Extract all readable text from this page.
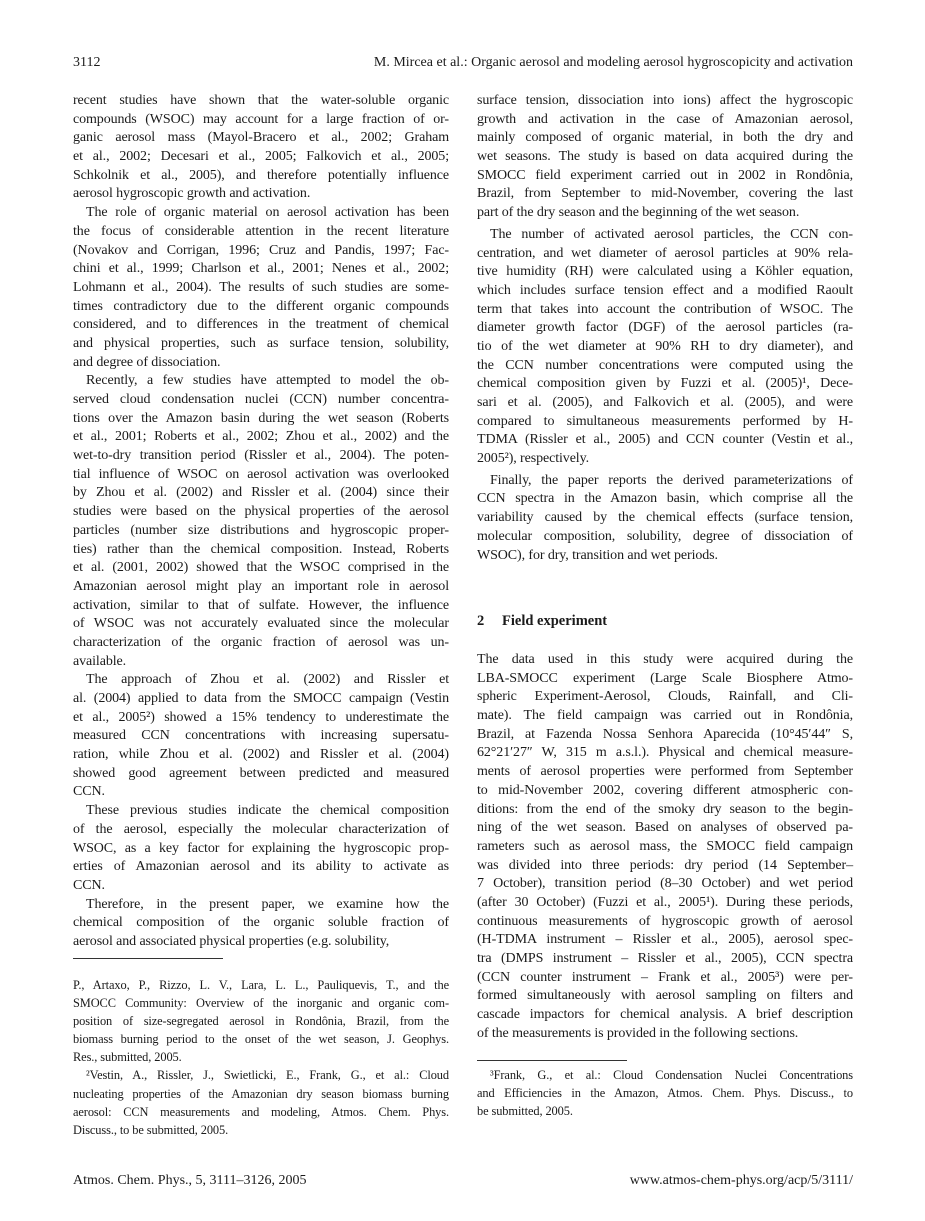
3112	M. Mircea et al.: Organic aerosol and modeling aerosol hygroscopicity and activation
recent studies have shown that the water-soluble organic
compounds (WSOC) may account for a large fraction of or-
ganic aerosol mass (Mayol-Bracero et al., 2002; Graham
et al., 2002; Decesari et al., 2005; Falkovich et al., 2005;
Schkolnik et al., 2005), and therefore potentially influence
aerosol hygroscopic growth and activation.
The role of organic material on aerosol activation has been
the focus of considerable attention in the recent literature
(Novakov and Corrigan, 1996; Cruz and Pandis, 1997; Fac-
chini et al., 1999; Charlson et al., 2001; Nenes et al., 2002;
Lohmann et al., 2004). The results of such studies are some-
times contradictory due to the different organic compounds
considered, and to differences in the treatment of chemical
and physical properties, such as surface tension, solubility,
and degree of dissociation.
Recently, a few studies have attempted to model the ob-
served cloud condensation nuclei (CCN) number concentra-
tions over the Amazon basin during the wet season (Roberts
et al., 2001; Roberts et al., 2002; Zhou et al., 2002) and the
wet-to-dry transition period (Rissler et al., 2004). The poten-
tial influence of WSOC on aerosol activation was overlooked
by Zhou et al. (2002) and Rissler et al. (2004) since their
studies were based on the physical properties of the aerosol
particles (number size distributions and hygroscopic proper-
ties) rather than the chemical composition. Instead, Roberts
et al. (2001, 2002) showed that the WSOC comprised in the
Amazonian aerosol might play an important role in aerosol
activation, similar to that of sulfate. However, the influence
of WSOC was not accurately evaluated since the molecular
characterization of the organic fraction of aerosol was un-
available.
The approach of Zhou et al. (2002) and Rissler et
al. (2004) applied to data from the SMOCC campaign (Vestin
et al., 2005²) showed a 15% tendency to underestimate the
measured CCN concentrations with increasing supersatu-
ration, while Zhou et al. (2002) and Rissler et al. (2004)
showed good agreement between predicted and measured
CCN.
These previous studies indicate the chemical composition
of the aerosol, especially the molecular characterization of
WSOC, as a key factor for explaining the hygroscopic prop-
erties of Amazonian aerosol and its ability to activate as
CCN.
Therefore, in the present paper, we examine how the
chemical composition of the organic soluble fraction of
aerosol and associated physical properties (e.g. solubility,
P., Artaxo, P., Rizzo, L. V., Lara, L. L., Pauliquevis, T., and the
SMOCC Community: Overview of the inorganic and organic com-
position of size-segregated aerosol in Rondônia, Brazil, from the
biomass burning period to the onset of the wet season, J. Geophys.
Res., submitted, 2005.
²Vestin, A., Rissler, J., Swietlicki, E., Frank, G., et al.: Cloud
nucleating properties of the Amazonian dry season biomass burning
aerosol: CCN measurements and modeling, Atmos. Chem. Phys.
Discuss., to be submitted, 2005.
surface tension, dissociation into ions) affect the hygroscopic
growth and activation in the case of Amazonian aerosol,
mainly composed of organic material, in both the dry and
wet seasons. The study is based on data acquired during the
SMOCC field experiment carried out in 2002 in Rondônia,
Brazil, from September to mid-November, covering the last
part of the dry season and the beginning of the wet season.
The number of activated aerosol particles, the CCN con-
centration, and wet diameter of aerosol particles at 90% rela-
tive humidity (RH) were calculated using a Köhler equation,
which includes surface tension effect and a modified Raoult
term that takes into account the contribution of WSOC. The
diameter growth factor (DGF) of the aerosol particles (ra-
tio of the wet diameter at 90% RH to dry diameter), and
the CCN number concentrations were computed using the
chemical composition given by Fuzzi et al. (2005)¹, Dece-
sari et al. (2005), and Falkovich et al. (2005), and were
compared to simultaneous measurements performed by H-
TDMA (Rissler et al., 2005) and CCN counter (Vestin et al.,
2005²), respectively.
Finally, the paper reports the derived parameterizations of
CCN spectra in the Amazon basin, which comprise all the
variability caused by the chemical effects (surface tension,
molecular composition, solubility, degree of dissociation of
WSOC), for dry, transition and wet periods.
2 Field experiment
The data used in this study were acquired during the
LBA-SMOCC experiment (Large Scale Biosphere Atmo-
spheric Experiment-Aerosol, Clouds, Rainfall, and Cli-
mate). The field campaign was carried out in Rondônia,
Brazil, at Fazenda Nossa Senhora Aparecida (10°45′44″ S,
62°21′27″ W, 315 m a.s.l.). Physical and chemical measure-
ments of aerosol properties were performed from September
to mid-November 2002, covering different atmospheric con-
ditions: from the end of the smoky dry season to the begin-
ning of the wet season. Based on analyses of observed pa-
rameters such as aerosol mass, the SMOCC field campaign
was divided into three periods: dry period (14 September–
7 October), transition period (8–30 October) and wet period
(after 30 October) (Fuzzi et al., 2005¹). During these periods,
continuous measurements of hygroscopic growth of aerosol
(H-TDMA instrument – Rissler et al., 2005), aerosol spec-
tra (DMPS instrument – Rissler et al., 2005), CCN spectra
(CCN counter instrument – Frank et al., 2005³) were per-
formed simultaneously with aerosol sampling on filters and
cascade impactors for chemical analysis. A brief description
of the measurements is provided in the following sections.
³Frank, G., et al.: Cloud Condensation Nuclei Concentrations
and Efficiencies in the Amazon, Atmos. Chem. Phys. Discuss., to
be submitted, 2005.
Atmos. Chem. Phys., 5, 3111–3126, 2005	www.atmos-chem-phys.org/acp/5/3111/
